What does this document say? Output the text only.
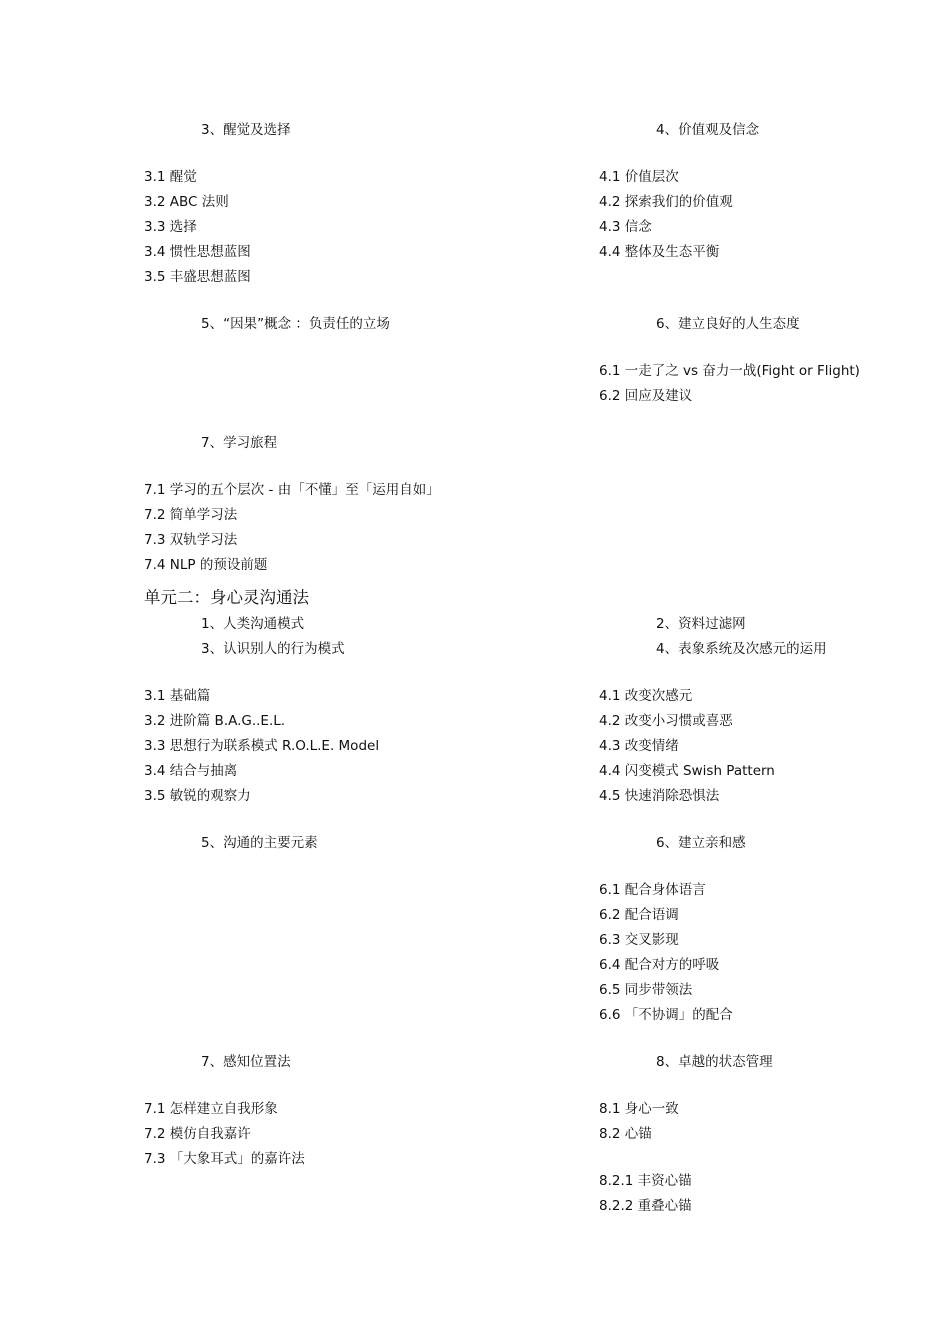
3、醒觉及选择	4、价值观及信念
3.1 醒觉
3.2 ABC 法则
3.3 选择
3.4 惯性思想蓝图
3.5 丰盛思想蓝图
4.1 价值层次
4.2 探索我们的价值观
4.3 信念
4.4 整体及生态平衡
5、“因果”概念 ：负责任的立场	6、建立良好的人生态度
6.1 一走了之 vs 奋力一战(Fight or Flight)
6.2 回应及建议
7、学习旅程
7.1 学习的五个层次 - 由「不懂」至「运用自如」
7.2 简单学习法
7.3 双轨学习法
7.4 NLP 的预设前题
单元二：身心灵沟通法
1、人类沟通模式	2、资料过滤网
3、认识别人的行为模式	4、表象系统及次感元的运用
3.1 基础篇
3.2 进阶篇 B.A.G..E.L.
3.3 思想行为联系模式 R.O.L.E. Model
3.4 结合与抽离
3.5 敏锐的观察力
4.1 改变次感元
4.2 改变小习惯或喜恶
4.3 改变情绪
4.4 闪变模式 Swish Pattern
4.5 快速消除恐惧法
5、沟通的主要元素	6、建立亲和感
6.1 配合身体语言
6.2 配合语调
6.3 交叉影现
6.4 配合对方的呼吸
6.5 同步带领法
6.6 「不协调」的配合
7、感知位置法	8、卓越的状态管理
7.1 怎样建立自我形象
7.2 模仿自我嘉许
7.3 「大象耳式」的嘉许法
8.1 身心一致
8.2 心锚
8.2.1 丰资心锚
8.2.2 重叠心锚
